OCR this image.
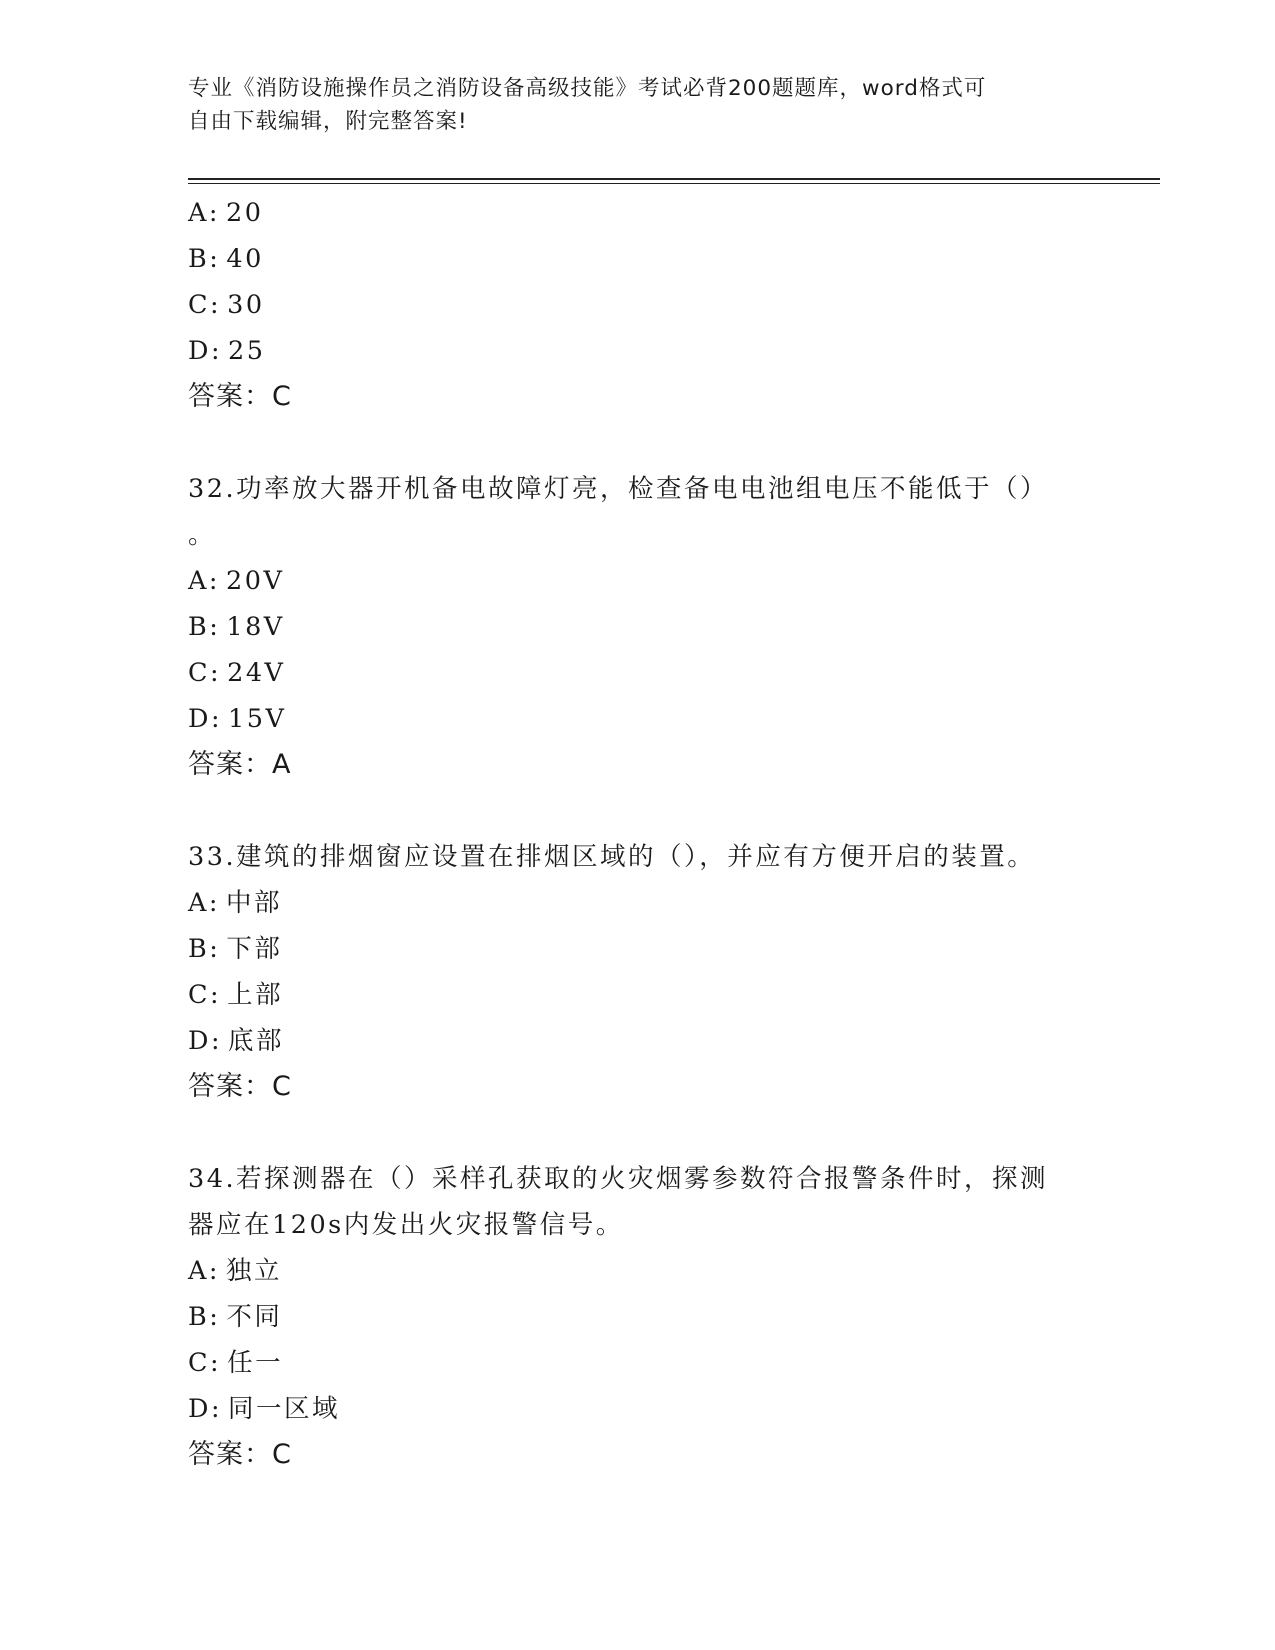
专业《消防设施操作员之消防设备高级技能》考试必背200题题库，word格式可
自由下载编辑，附完整答案!
A: 20
B: 40
C: 30
D: 25
答案：C
32.功率放大器开机备电故障灯亮，检查备电电池组电压不能低于（）
。
A: 20V
B: 18V
C: 24V
D: 15V
答案：A
33.建筑的排烟窗应设置在排烟区域的（），并应有方便开启的装置。
A: 中部
B: 下部
C: 上部
D: 底部
答案：C
34.若探测器在（）采样孔获取的火灾烟雾参数符合报警条件时，探测
器应在120s内发出火灾报警信号。
A: 独立
B: 不同
C: 任一
D: 同一区域
答案：C
